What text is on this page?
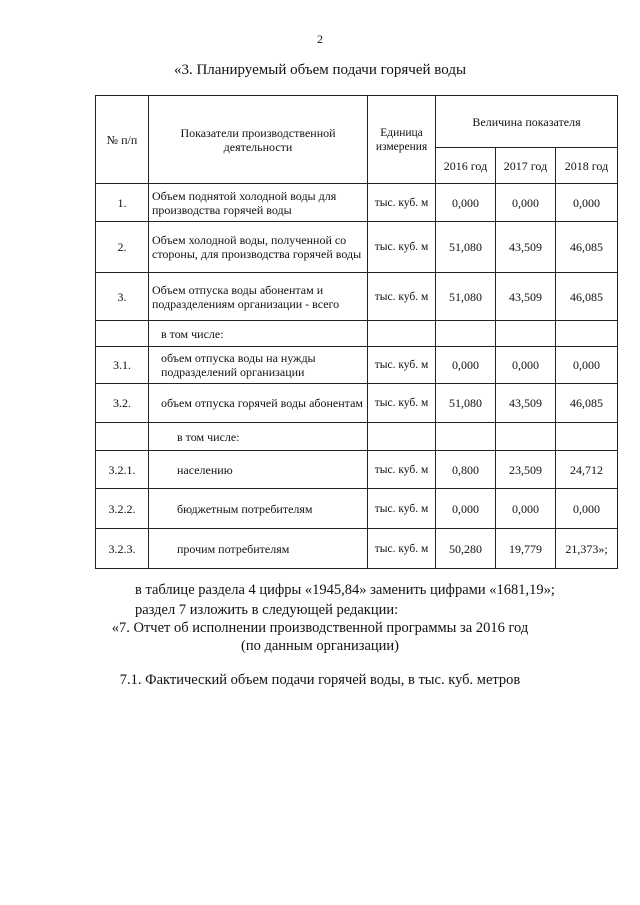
2
«3. Планируемый объем подачи горячей воды
№ п/п	Показатели производственной деятельности	Единица измерения	Величина показателя		
			2016 год	2017 год	2018 год
1.	Объем поднятой холодной воды для производства горячей воды	тыс. куб. м	0,000	0,000	0,000
2.	Объем холодной воды, полученной со стороны, для производства горячей воды	тыс. куб. м	51,080	43,509	46,085
3.	Объем отпуска воды абонентам и подразделениям организации - всего	тыс. куб. м	51,080	43,509	46,085
	в том числе:				
3.1.	объем отпуска воды на нужды подразделений организации	тыс. куб. м	0,000	0,000	0,000
3.2.	объем отпуска горячей воды абонентам	тыс. куб. м	51,080	43,509	46,085
	в том числе:				
3.2.1.	населению	тыс. куб. м	0,800	23,509	24,712
3.2.2.	бюджетным потребителям	тыс. куб. м	0,000	0,000	0,000
3.2.3.	прочим потребителям	тыс. куб. м	50,280	19,779	21,373»;
в таблице раздела 4 цифры «1945,84» заменить цифрами «1681,19»;
раздел 7 изложить в следующей редакции:
«7. Отчет об исполнении производственной программы за 2016 год
(по данным организации)
7.1. Фактический объем подачи горячей воды, в тыс. куб. метров
